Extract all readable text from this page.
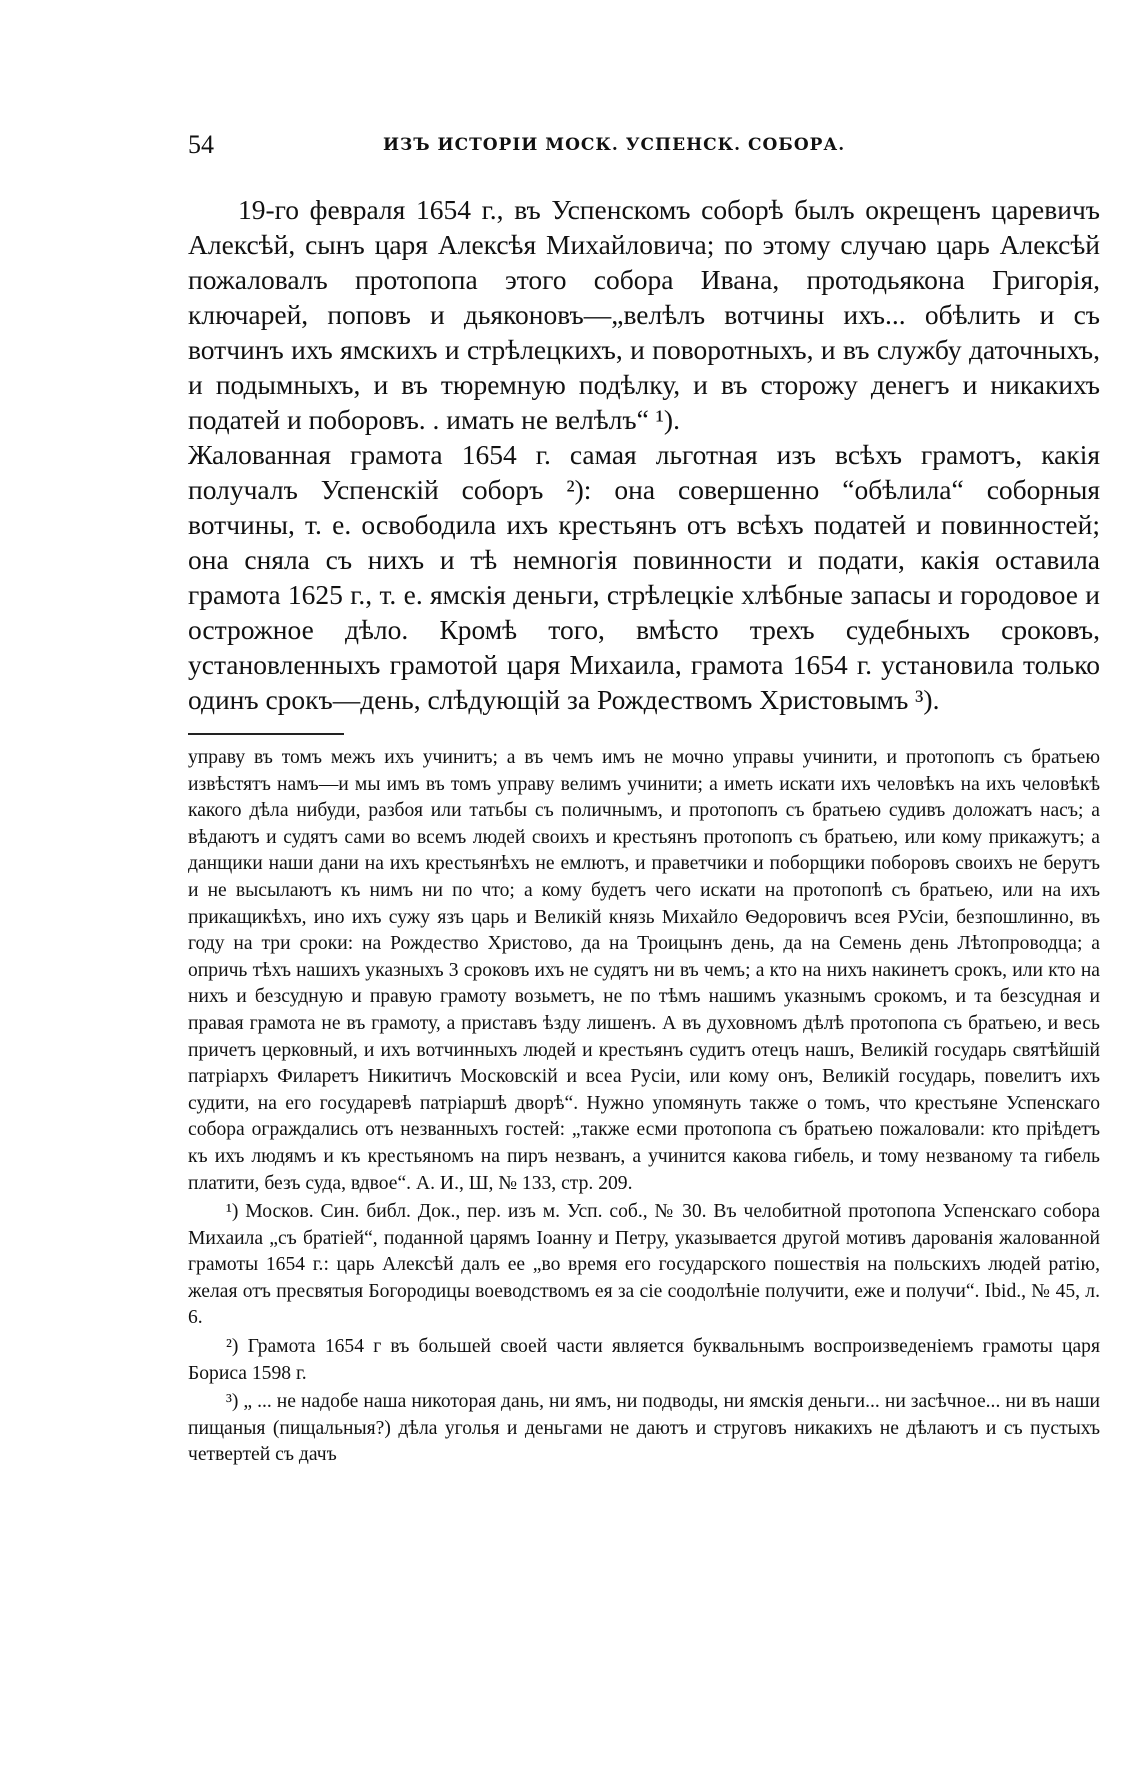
54	ИЗЪ ИСТОРІИ МОСК. УСПЕНСК. СОБОРА.

19-го февраля 1654 г., въ Успенскомъ соборѣ былъ окрещенъ царевичъ Алексѣй, сынъ царя Алексѣя Михайловича; по этому случаю царь Алексѣй пожаловалъ протопопа этого собора Ивана, протодьякона Григорія, ключарей, поповъ и дьяконовъ—„велѣлъ вотчины ихъ... обѣлить и съ вотчинъ ихъ ямскихъ и стрѣлецкихъ, и поворотныхъ, и въ службу даточныхъ, и подымныхъ, и въ тюремную подѣлку, и въ сторожу денегъ и никакихъ податей и поборовъ. . имать не велѣлъ“ ¹).

Жалованная грамота 1654 г. самая льготная изъ всѣхъ грамотъ, какія получалъ Успенскій соборъ ²): она совершенно “обѣлила“ соборныя вотчины, т. е. освободила ихъ крестьянъ отъ всѣхъ податей и повинностей; она сняла съ нихъ и тѣ немногія повинности и подати, какія оставила грамота 1625 г., т. е. ямскія деньги, стрѣлецкіе хлѣбные запасы и городовое и острожное дѣло. Кромѣ того, вмѣсто трехъ судебныхъ сроковъ, установленныхъ грамотой царя Михаила, грамота 1654 г. установила только одинъ срокъ—день, слѣдующій за Рождествомъ Христовымъ ³).

управу въ томъ межъ ихъ учинитъ; а въ чемъ имъ не мочно управы учинити, и протопопъ съ братьею извѣстятъ намъ—и мы имъ въ томъ управу велимъ учинити; а иметь искати ихъ человѣкъ на ихъ человѣкѣ какого дѣла нибуди, разбоя или татьбы съ поличнымъ, и протопопъ съ братьею судивъ доложатъ насъ; а вѣдаютъ и судятъ сами во всемъ людей своихъ и крестьянъ протопопъ съ братьею, или кому прикажутъ; а данщики наши дани на ихъ крестьянѣхъ не емлютъ, и праветчики и поборщики поборовъ своихъ не берутъ и не высылаютъ къ нимъ ни по что; а кому будетъ чего искати на протопопѣ съ братьею, или на ихъ прикащикѣхъ, ино ихъ сужу язъ царь и Великій князь Михайло Ѳедоровичъ всея РУсіи, безпошлинно, въ году на три сроки: на Рождество Христово, да на Троицынъ день, да на Семень день Лѣтопроводца; а опричь тѣхъ нашихъ указныхъ 3 сроковъ ихъ не судятъ ни въ чемъ; а кто на нихъ накинетъ срокъ, или кто на нихъ и безсудную и правую грамоту возьметъ, не по тѣмъ нашимъ указнымъ срокомъ, и та безсудная и правая грамота не въ грамоту, а приставъ ѣзду лишенъ. А въ духовномъ дѣлѣ протопопа съ братьею, и весь причетъ церковный, и ихъ вотчинныхъ людей и крестьянъ судитъ отецъ нашъ, Великій государь святѣйшій патріархъ Филаретъ Никитичъ Московскій и всеа Русіи, или кому онъ, Великій государь, повелитъ ихъ судити, на его государевѣ патріаршѣ дворѣ“. Нужно упомянуть также о томъ, что крестьяне Успенскаго собора ограждались отъ незванныхъ гостей: „также есми протопопа съ братьею пожаловали: кто пріѣдетъ къ ихъ людямъ и къ крестьяномъ на пиръ незванъ, а учинится какова гибель, и тому незваному та гибель платити, безъ суда, вдвое“. А. И., Ш, № 133, стр. 209.

¹) Москов. Син. библ. Док., пер. изъ м. Усп. соб., № 30. Въ челобитной протопопа Успенскаго собора Михаила „съ братіей“, поданной царямъ Іоанну и Петру, указывается другой мотивъ дарованія жалованной грамоты 1654 г.: царь Алексѣй далъ ее „во время его государского пошествія на польскихъ людей ратію, желая отъ пресвятыя Богородицы воеводствомъ ея за сіе соодолѣніе получити, еже и получи“. Ibid., № 45, л. 6.

²) Грамота 1654 г въ большей своей части является буквальнымъ воспроизведеніемъ грамоты царя Бориса 1598 г.

³) „ ... не надобе наша никоторая дань, ни ямъ, ни подводы, ни ямскія деньги... ни засѣчное... ни въ наши пищаныя (пищальныя?) дѣла уголья и деньгами не даютъ и струговъ никакихъ не дѣлаютъ и съ пустыхъ четвертей съ дачъ
